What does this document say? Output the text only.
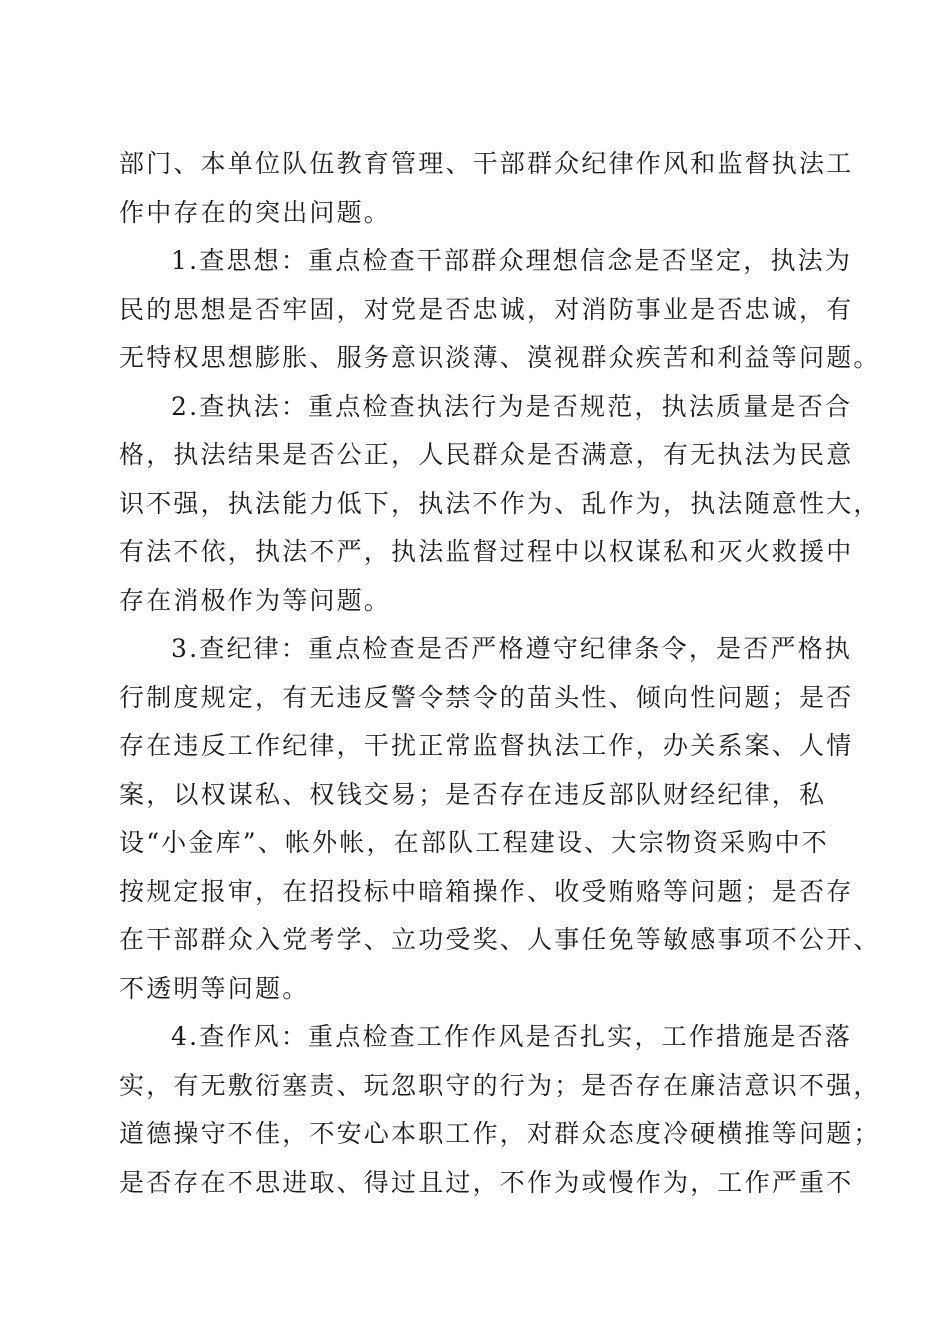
部门、本单位队伍教育管理、干部群众纪律作风和监督执法工
作中存在的突出问题。
1.查思想：重点检查干部群众理想信念是否坚定，执法为
民的思想是否牢固，对党是否忠诚，对消防事业是否忠诚，有
无特权思想膨胀、服务意识淡薄、漠视群众疾苦和利益等问题。
2.查执法：重点检查执法行为是否规范，执法质量是否合
格，执法结果是否公正，人民群众是否满意，有无执法为民意
识不强，执法能力低下，执法不作为、乱作为，执法随意性大，
有法不依，执法不严，执法监督过程中以权谋私和灭火救援中
存在消极作为等问题。
3.查纪律：重点检查是否严格遵守纪律条令，是否严格执
行制度规定，有无违反警令禁令的苗头性、倾向性问题；是否
存在违反工作纪律，干扰正常监督执法工作，办关系案、人情
案，以权谋私、权钱交易；是否存在违反部队财经纪律，私
设“小金库”、帐外帐，在部队工程建设、大宗物资采购中不
按规定报审，在招投标中暗箱操作、收受贿赂等问题；是否存
在干部群众入党考学、立功受奖、人事任免等敏感事项不公开、
不透明等问题。
4.查作风：重点检查工作作风是否扎实，工作措施是否落
实，有无敷衍塞责、玩忽职守的行为；是否存在廉洁意识不强，
道德操守不佳，不安心本职工作，对群众态度冷硬横推等问题；
是否存在不思进取、得过且过，不作为或慢作为，工作严重不
